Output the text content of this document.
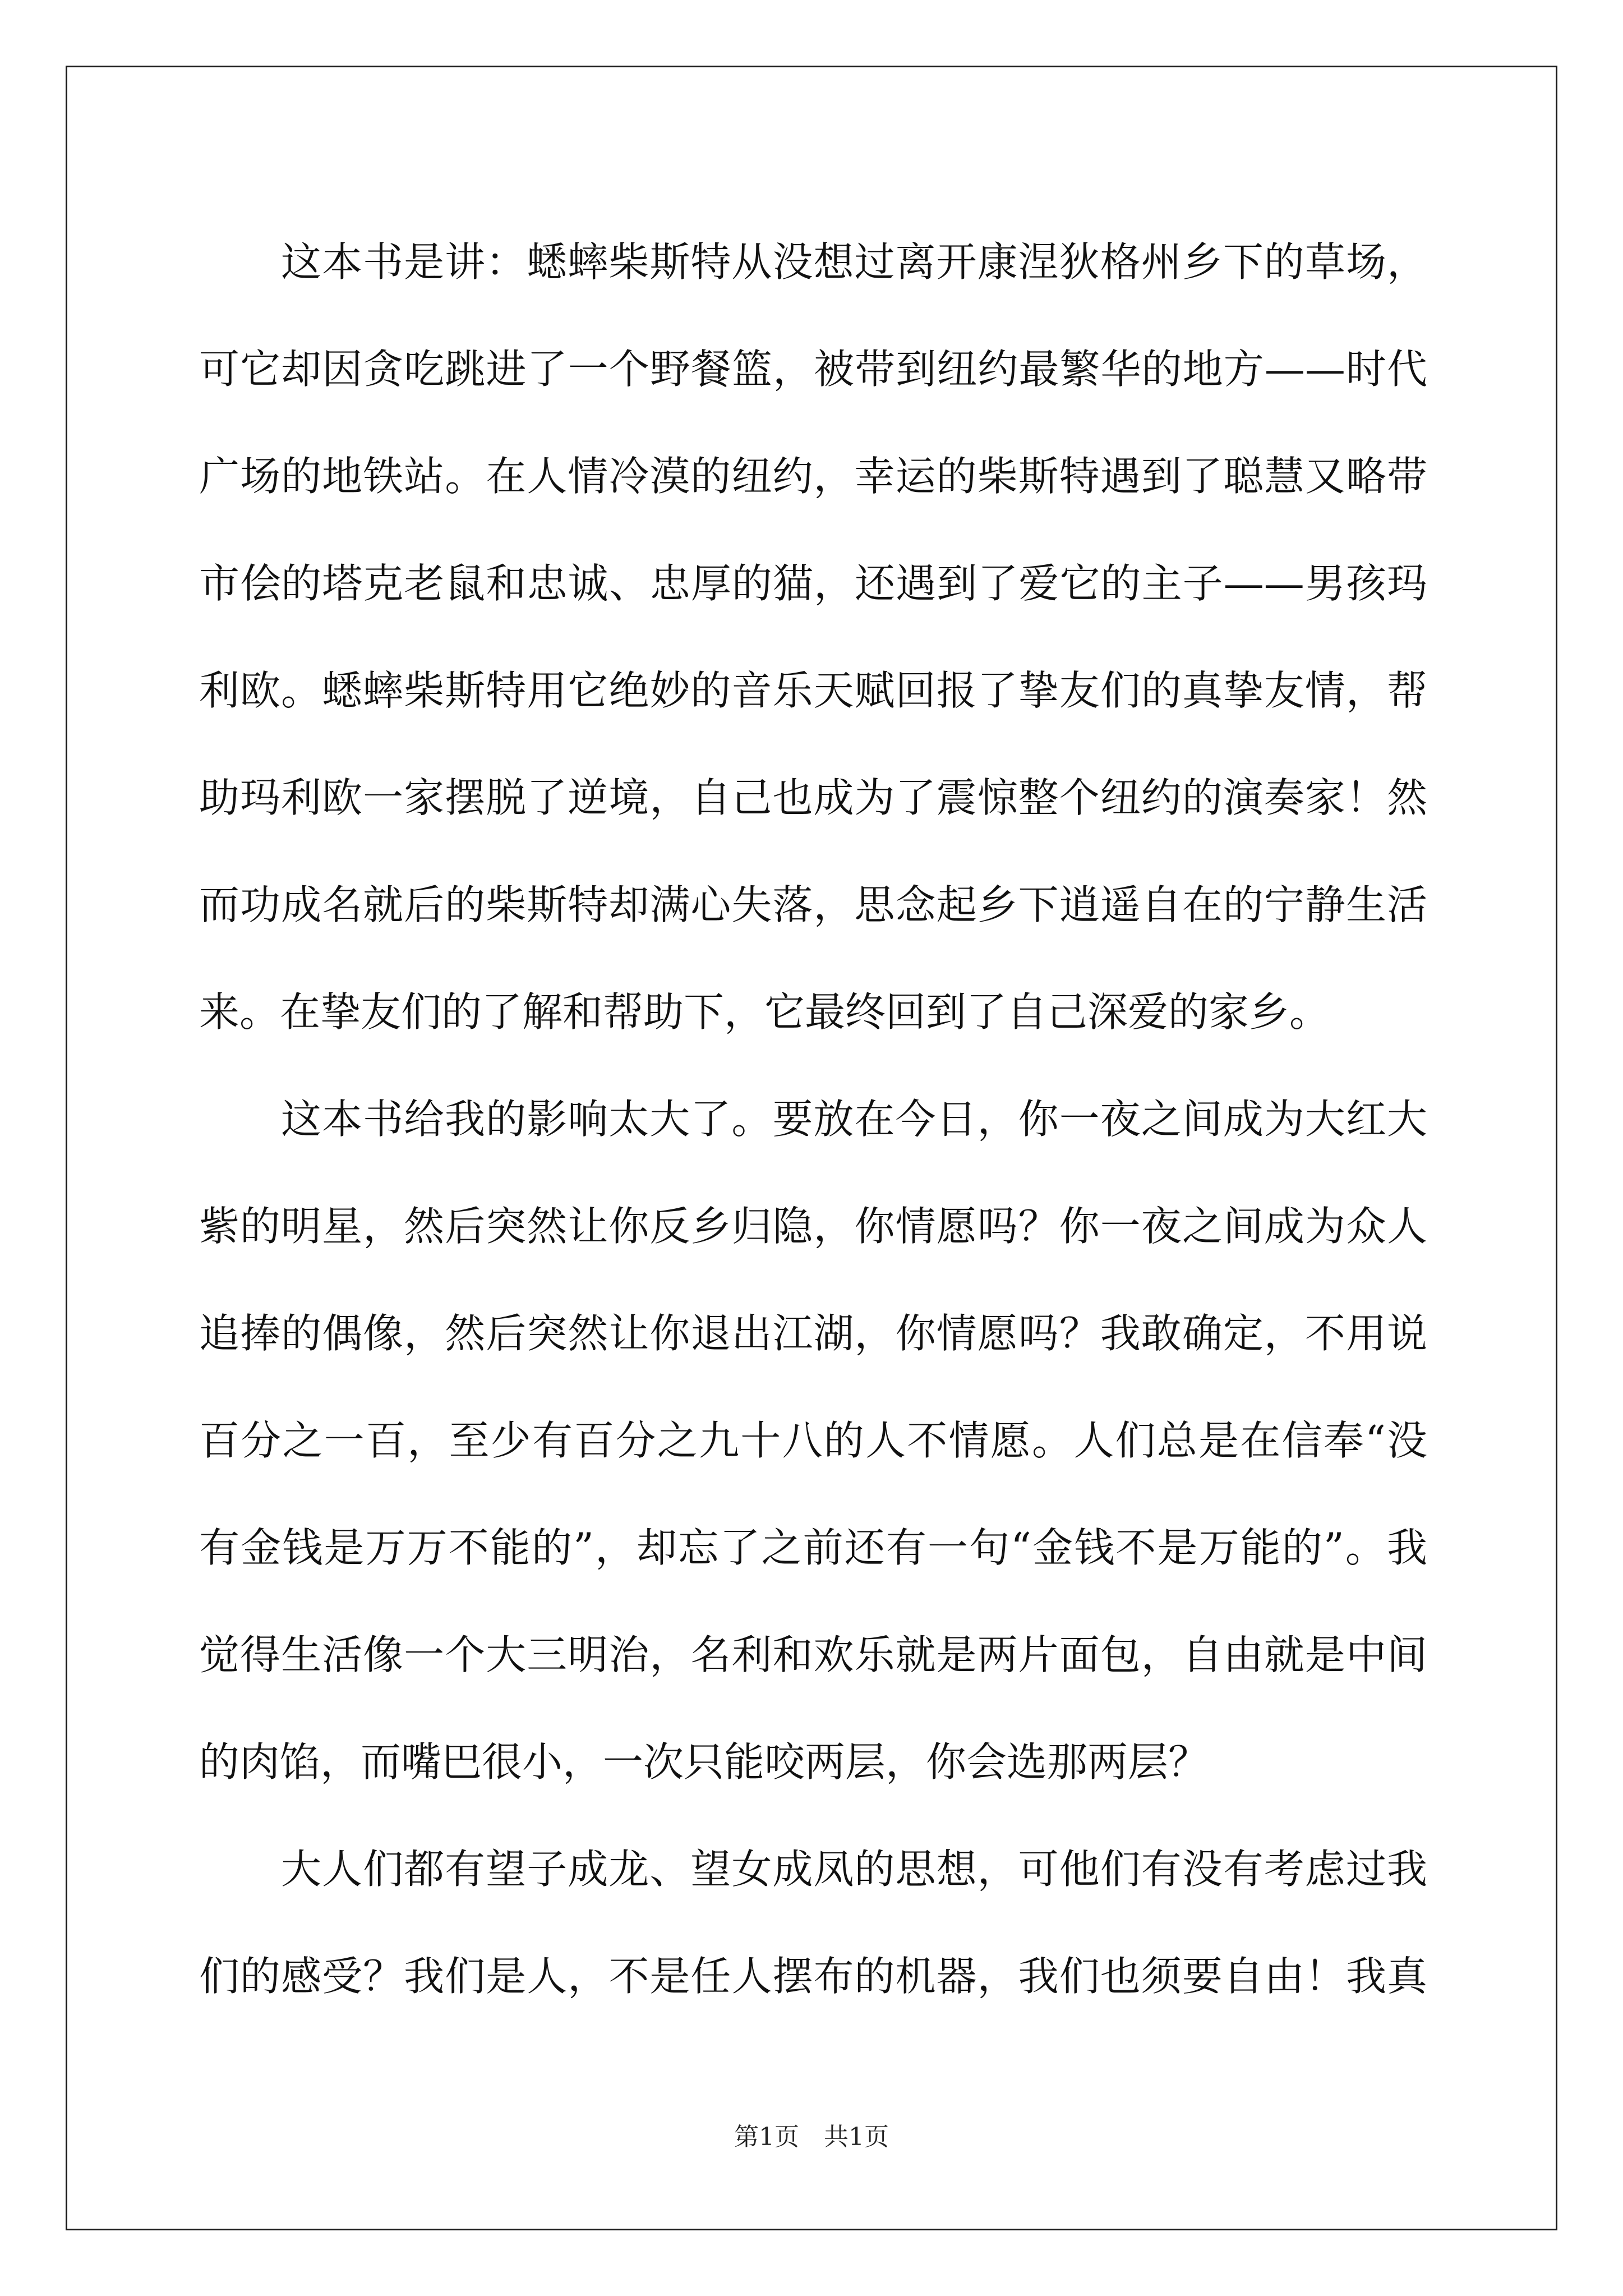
这本书是讲：蟋蟀柴斯特从没想过离开康涅狄格州乡下的草场，
可它却因贪吃跳进了一个野餐篮，被带到纽约最繁华的地方——时代
广场的地铁站。在人情冷漠的纽约，幸运的柴斯特遇到了聪慧又略带
市侩的塔克老鼠和忠诚、忠厚的猫，还遇到了爱它的主子——男孩玛
利欧。蟋蟀柴斯特用它绝妙的音乐天赋回报了挚友们的真挚友情，帮
助玛利欧一家摆脱了逆境，自己也成为了震惊整个纽约的演奏家！然
而功成名就后的柴斯特却满心失落，思念起乡下逍遥自在的宁静生活
来。在挚友们的了解和帮助下，它最终回到了自己深爱的家乡。
这本书给我的影响太大了。要放在今日，你一夜之间成为大红大
紫的明星，然后突然让你反乡归隐，你情愿吗？你一夜之间成为众人
追捧的偶像，然后突然让你退出江湖，你情愿吗？我敢确定，不用说
百分之一百，至少有百分之九十八的人不情愿。人们总是在信奉“没
有金钱是万万不能的”，却忘了之前还有一句“金钱不是万能的”。我
觉得生活像一个大三明治，名利和欢乐就是两片面包，自由就是中间
的肉馅，而嘴巴很小，一次只能咬两层，你会选那两层？
大人们都有望子成龙、望女成凤的思想，可他们有没有考虑过我
们的感受？我们是人，不是任人摆布的机器，我们也须要自由！我真
第1页　共1页
